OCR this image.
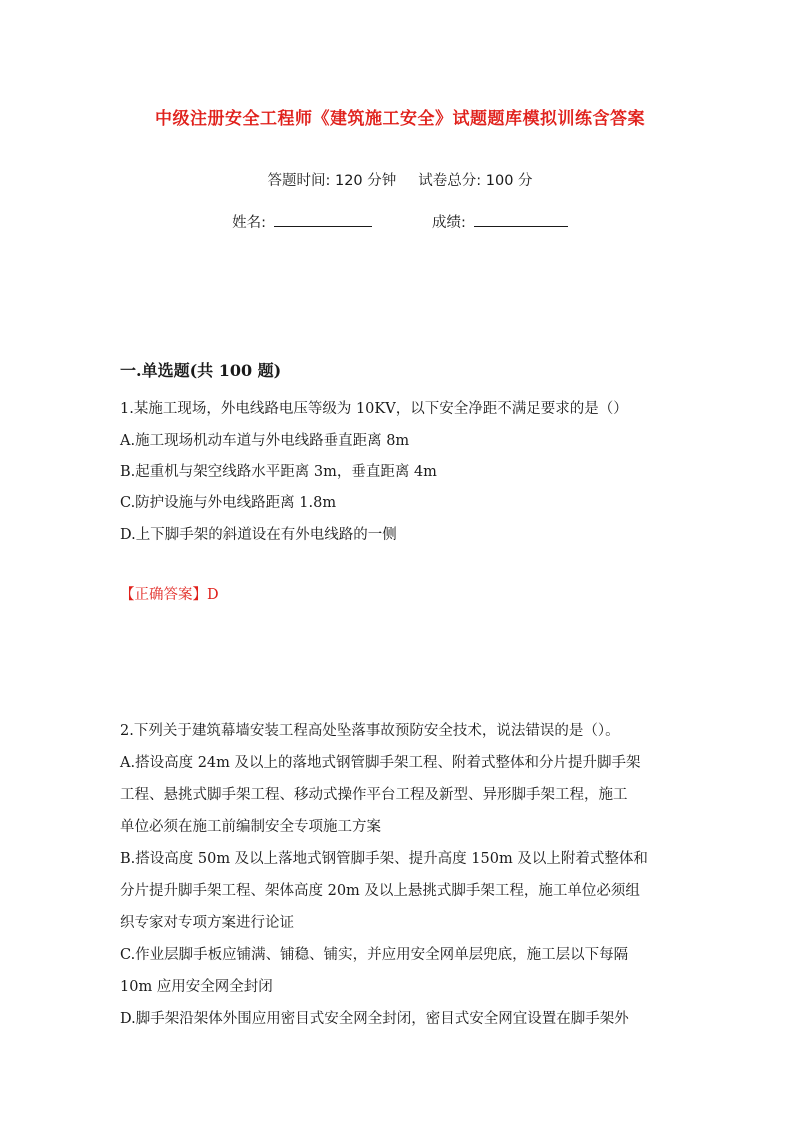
中级注册安全工程师《建筑施工安全》试题题库模拟训练含答案
答题时间: 120 分钟 试卷总分: 100 分
姓名:	成绩:
一.单选题(共 100 题)
1.某施工现场，外电线路电压等级为 10KV，以下安全净距不满足要求的是（）
A.施工现场机动车道与外电线路垂直距离 8m
B.起重机与架空线路水平距离 3m，垂直距离 4m
C.防护设施与外电线路距离 1.8m
D.上下脚手架的斜道设在有外电线路的一侧
【正确答案】D
2.下列关于建筑幕墙安装工程高处坠落事故预防安全技术，说法错误的是（）。
A.搭设高度 24m 及以上的落地式钢管脚手架工程、附着式整体和分片提升脚手架
工程、悬挑式脚手架工程、移动式操作平台工程及新型、异形脚手架工程，施工
单位必须在施工前编制安全专项施工方案
B.搭设高度 50m 及以上落地式钢管脚手架、提升高度 150m 及以上附着式整体和
分片提升脚手架工程、架体高度 20m 及以上悬挑式脚手架工程，施工单位必须组
织专家对专项方案进行论证
C.作业层脚手板应铺满、铺稳、铺实，并应用安全网单层兜底，施工层以下每隔
10m 应用安全网全封闭
D.脚手架沿架体外围应用密目式安全网全封闭，密目式安全网宜设置在脚手架外
